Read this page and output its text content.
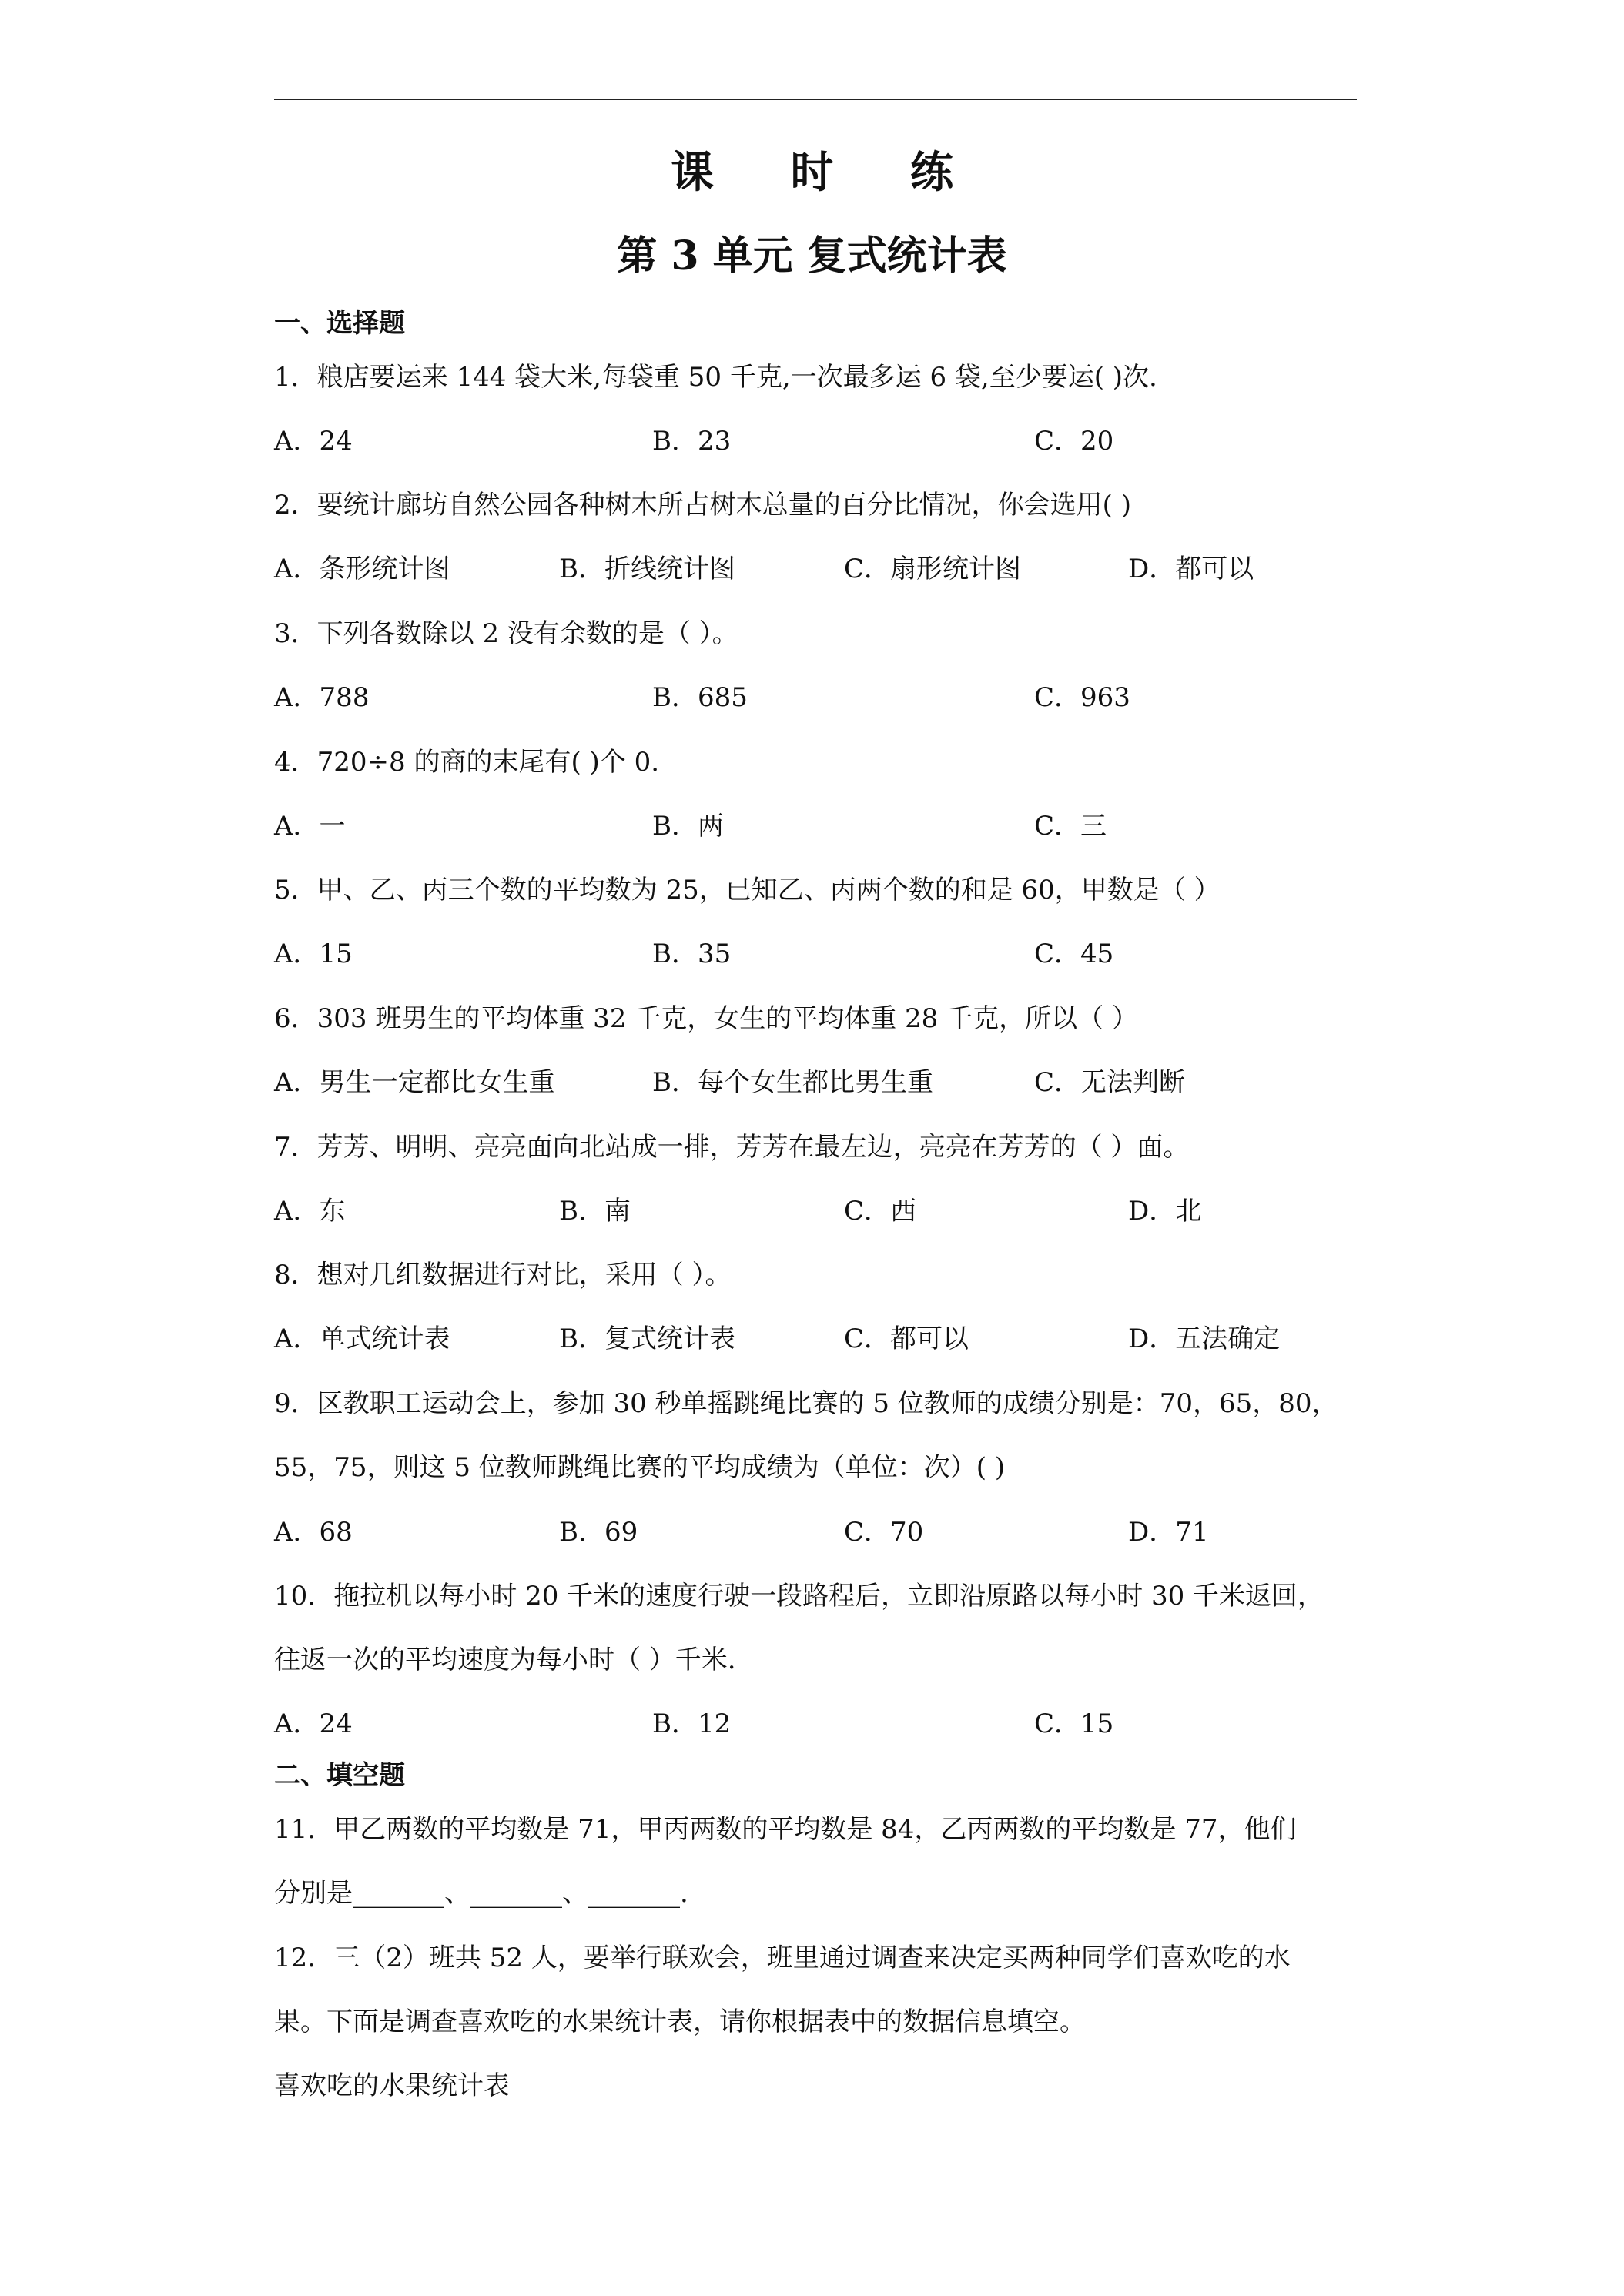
课 时 练
第 3 单元 复式统计表
一、选择题
1．粮店要运来 144 袋大米,每袋重 50 千克,一次最多运 6 袋,至少要运( )次.
A．24	B．23	C．20
2．要统计廊坊自然公园各种树木所占树木总量的百分比情况，你会选用( )
A．条形统计图	B．折线统计图	C．扇形统计图	D．都可以
3．下列各数除以 2 没有余数的是（ ）。
A．788	B．685	C．963
4．720÷8 的商的末尾有( )个 0.
A．一	B．两	C．三
5．甲、乙、丙三个数的平均数为 25，已知乙、丙两个数的和是 60，甲数是（ ）
A．15	B．35	C．45
6．303 班男生的平均体重 32 千克，女生的平均体重 28 千克，所以（ ）
A．男生一定都比女生重	B．每个女生都比男生重	C．无法判断
7．芳芳、明明、亮亮面向北站成一排，芳芳在最左边，亮亮在芳芳的（ ）面。
A．东	B．南	C．西	D．北
8．想对几组数据进行对比，采用（ ）。
A．单式统计表	B．复式统计表	C．都可以	D．五法确定
9．区教职工运动会上，参加 30 秒单摇跳绳比赛的 5 位教师的成绩分别是：70，65，80，
55，75，则这 5 位教师跳绳比赛的平均成绩为（单位：次）( )
A．68	B．69	C．70	D．71
10．拖拉机以每小时 20 千米的速度行驶一段路程后，立即沿原路以每小时 30 千米返回，
往返一次的平均速度为每小时（ ）千米.
A．24	B．12	C．15
二、填空题
11．甲乙两数的平均数是 71，甲丙两数的平均数是 84，乙丙两数的平均数是 77，他们
分别是_______、_______、_______.
12．三（2）班共 52 人，要举行联欢会，班里通过调查来决定买两种同学们喜欢吃的水
果。下面是调查喜欢吃的水果统计表，请你根据表中的数据信息填空。
喜欢吃的水果统计表
